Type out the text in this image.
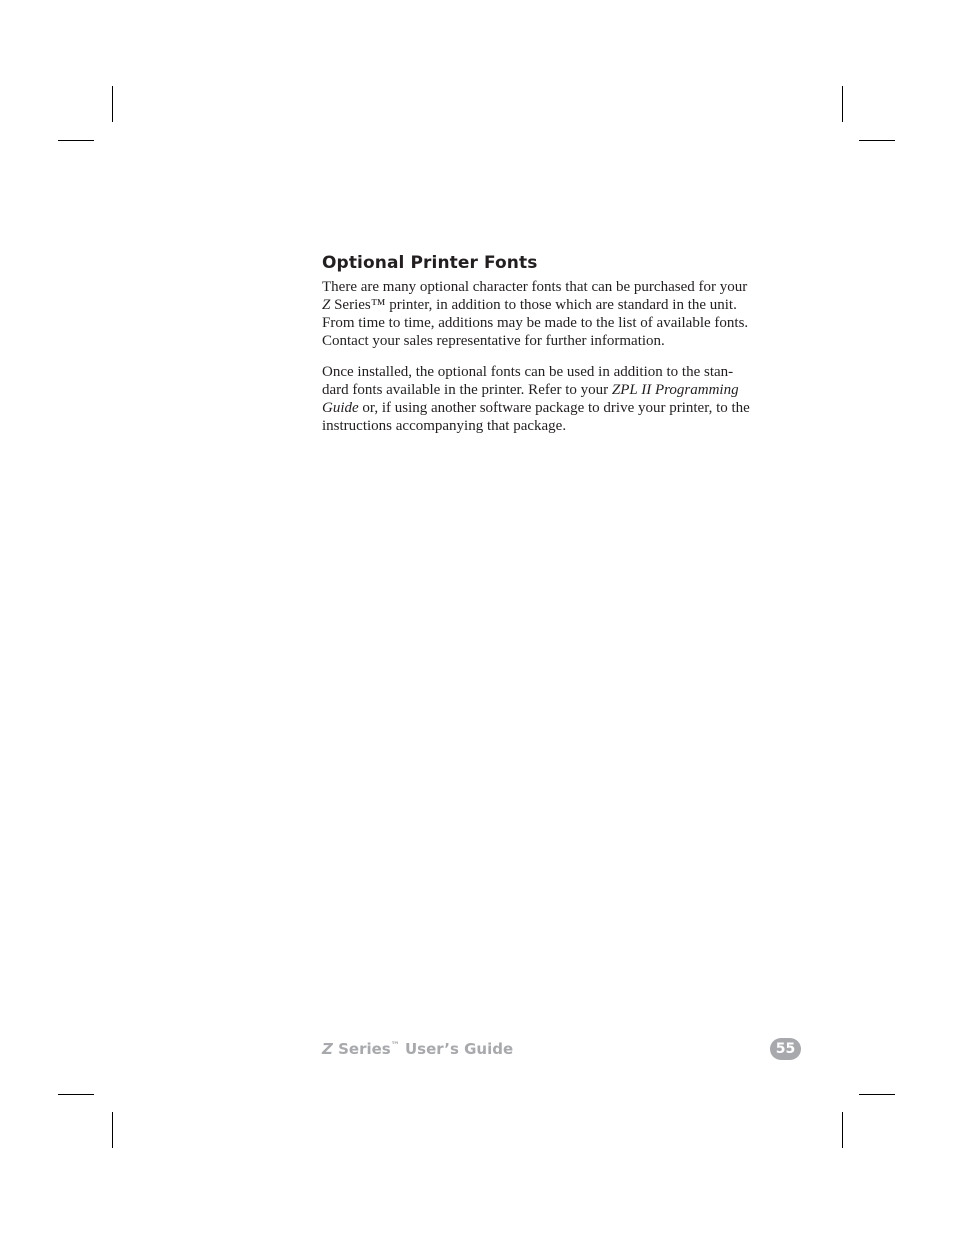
Optional Printer Fonts

There are many optional character fonts that can be purchased for your
Z Series™ printer, in addition to those which are standard in the unit.
From time to time, additions may be made to the list of available fonts.
Contact your sales representative for further information.

Once installed, the optional fonts can be used in addition to the stan-
dard fonts available in the printer. Refer to your ZPL II Programming
Guide or, if using another software package to drive your printer, to the
instructions accompanying that package.

Z Series™ User’s Guide	55
